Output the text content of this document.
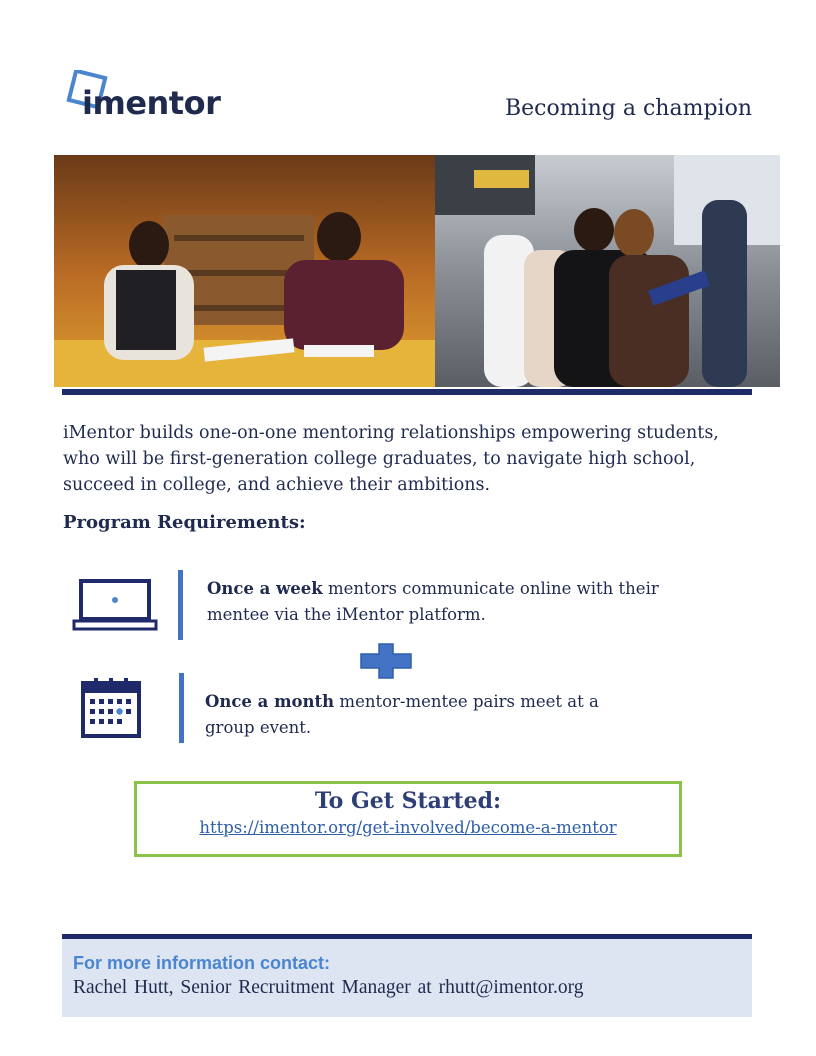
imentor	Becoming a champion
iMentor builds one-on-one mentoring relationships empowering students, who will be first-generation college graduates, to navigate high school, succeed in college, and achieve their ambitions.
Program Requirements:
Once a week mentors communicate online with their mentee via the iMentor platform.
Once a month mentor-mentee pairs meet at a group event.
To Get Started:
https://imentor.org/get-involved/become-a-mentor
For more information contact:
Rachel Hutt, Senior Recruitment Manager at rhutt@imentor.org
